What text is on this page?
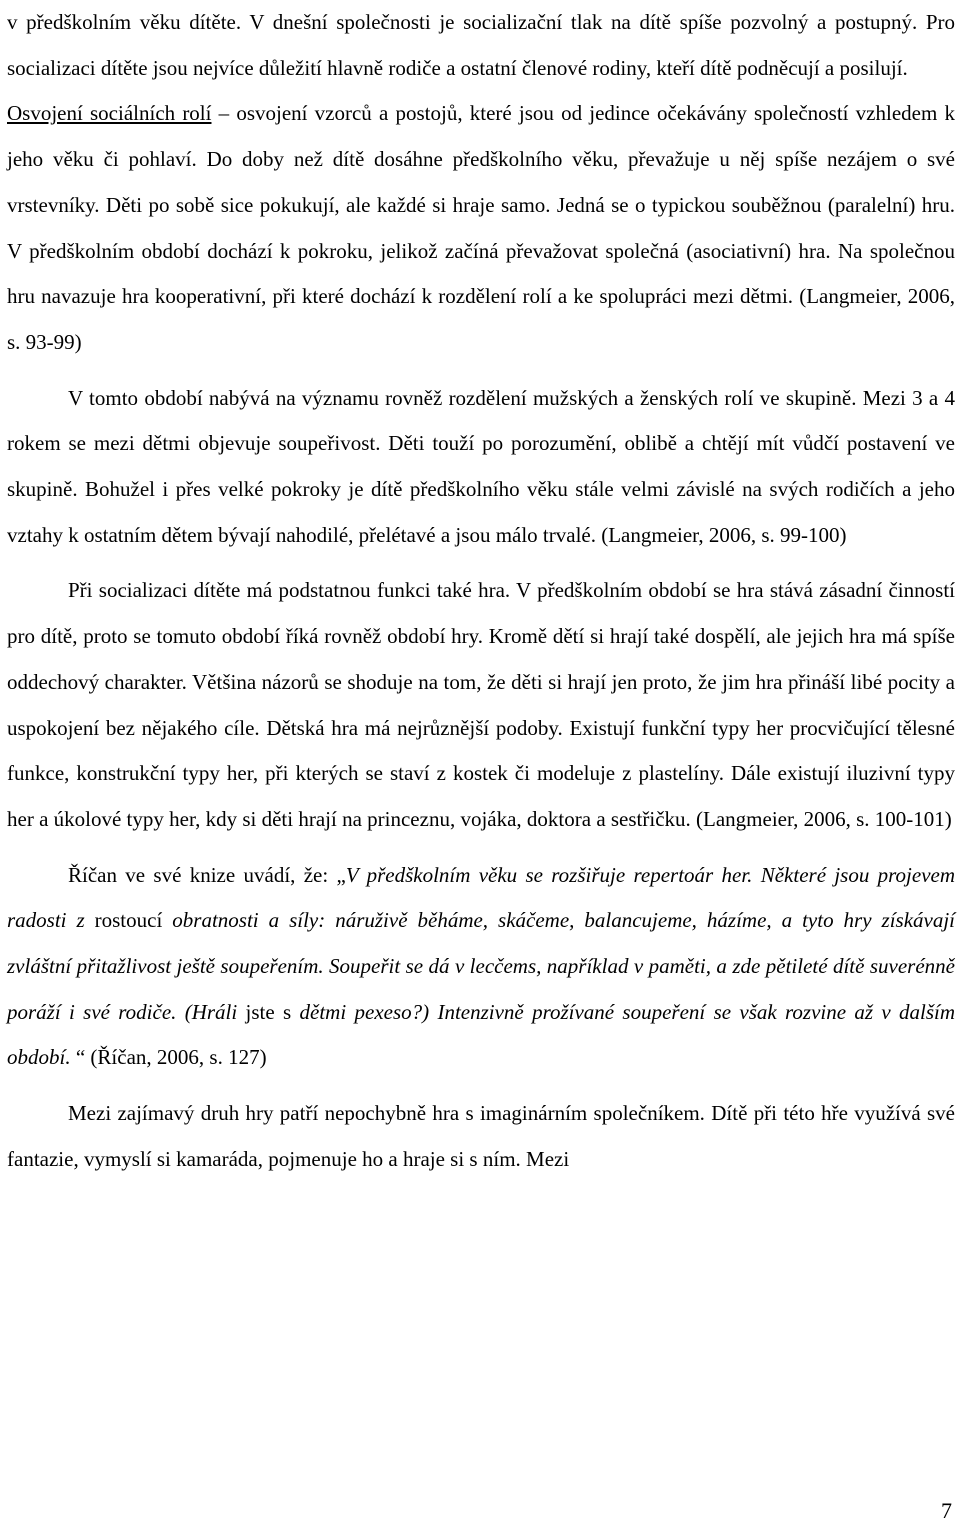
v předškolním věku dítěte. V dnešní společnosti je socializační tlak na dítě spíše pozvolný a postupný. Pro socializaci dítěte jsou nejvíce důležití hlavně rodiče a ostatní členové rodiny, kteří dítě podněcují a posilují.

Osvojení sociálních rolí – osvojení vzorců a postojů, které jsou od jedince očekávány společností vzhledem k jeho věku či pohlaví. Do doby než dítě dosáhne předškolního věku, převažuje u něj spíše nezájem o své vrstevníky. Děti po sobě sice pokukují, ale každé si hraje samo. Jedná se o typickou souběžnou (paralelní) hru. V předškolním období dochází k pokroku, jelikož začíná převažovat společná (asociativní) hra. Na společnou hru navazuje hra kooperativní, při které dochází k rozdělení rolí a ke spolupráci mezi dětmi. (Langmeier, 2006, s. 93-99)

V tomto období nabývá na významu rovněž rozdělení mužských a ženských rolí ve skupině. Mezi 3 a 4 rokem se mezi dětmi objevuje soupeřivost. Děti touží po porozumění, oblibě a chtějí mít vůdčí postavení ve skupině. Bohužel i přes velké pokroky je dítě předškolního věku stále velmi závislé na svých rodičích a jeho vztahy k ostatním dětem bývají nahodilé, přelétavé a jsou málo trvalé. (Langmeier, 2006, s. 99-100)

Při socializaci dítěte má podstatnou funkci také hra. V předškolním období se hra stává zásadní činností pro dítě, proto se tomuto období říká rovněž období hry. Kromě dětí si hrají také dospělí, ale jejich hra má spíše oddechový charakter. Většina názorů se shoduje na tom, že děti si hrají jen proto, že jim hra přináší libé pocity a uspokojení bez nějakého cíle. Dětská hra má nejrůznější podoby. Existují funkční typy her procvičující tělesné funkce, konstrukční typy her, při kterých se staví z kostek či modeluje z plastelíny. Dále existují iluzivní typy her a úkolové typy her, kdy si děti hrají na princeznu, vojáka, doktora a sestřičku. (Langmeier, 2006, s. 100-101)

Říčan ve své knize uvádí, že: „V předškolním věku se rozšiřuje repertoár her. Některé jsou projevem radosti z rostoucí obratnosti a síly: náruživě běháme, skáčeme, balancujeme, házíme, a tyto hry získávají zvláštní přitažlivost ještě soupeřením. Soupeřit se dá v lecčems, například v paměti, a zde pětileté dítě suverénně poráží i své rodiče. (Hráli jste s dětmi pexeso?) Intenzivně prožívané soupeření se však rozvine až v dalším období. “ (Říčan, 2006, s. 127)

Mezi zajímavý druh hry patří nepochybně hra s imaginárním společníkem. Dítě při této hře využívá své fantazie, vymyslí si kamaráda, pojmenuje ho a hraje si s ním. Mezi

7
